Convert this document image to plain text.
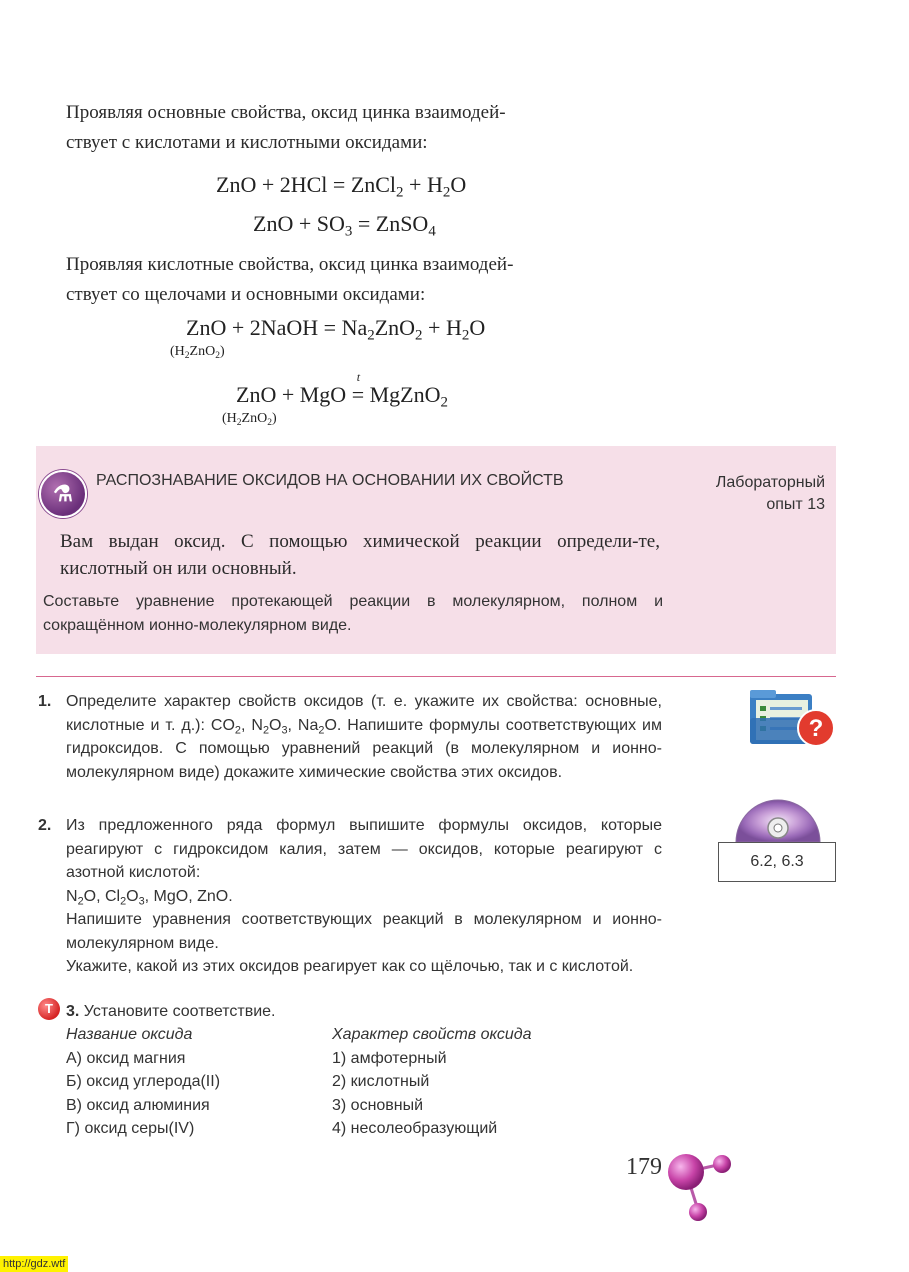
Проявляя основные свойства, оксид цинка взаимодей-
ствует с кислотами и кислотными оксидами:
ZnO + 2HCl = ZnCl$_2$ + $H_2O$
ZnO + $SO_3$ = ZnSO$_4$
Проявляя кислотные свойства, оксид цинка взаимодей-
ствует со щелочами и основными оксидами:
ZnO + 2NaOH = $Na_2ZnO_2 + H_2O$
$(H_2ZnO_2)$
ZnO + MgO
t
= MgZnO$_2$
$(H_2ZnO_2)$
⚗
РАСПОЗНАВАНИЕ ОКСИДОВ НА ОСНОВАНИИ ИХ СВОЙСТВ	Лабораторный
опыт 13
Вам выдан оксид. С помощью химической реакции определи-те, кислотный он или основный.
Составьте уравнение протекающей реакции в молекулярном, полном и сокращённом ионно-молекулярном виде.
1. Определите характер свойств оксидов (т. е. укажите их свойства: основные, кислотные и т. д.): $CO_2$, $N_2O_3$, $Na_2O$. Напишите формулы соответствующих им гидроксидов. С помощью уравнений реакций (в молекулярном и ионно-молекулярном виде) докажите химические свойства этих оксидов.
2. Из предложенного ряда формул выпишите формулы оксидов, которые реагируют с гидроксидом калия, затем — оксидов, которые реагируют с азотной кислотой:
$N_2O$, $Cl_2O_3$, MgO, ZnO.
Напишите уравнения соответствующих реакций в молекулярном и ионно-молекулярном виде.
Укажите, какой из этих оксидов реагирует как со щёлочью, так и с кислотой.
Т 3. Установите соответствие.
Название оксида
А) оксид магния
Б) оксид углерода(II)
В) оксид алюминия
Г) оксид серы(IV)
Характер свойств оксида
1) амфотерный
2) кислотный
3) основный
4) несолеобразующий
?
6.2, 6.3
179
http://gdz.wtf
